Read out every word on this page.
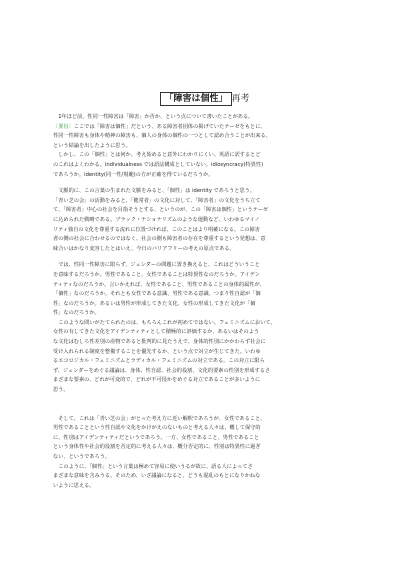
「障害は個性」 再考

　1年ほど前、性同一性障害は「障害」か否か、という点について書いたことがある。
〔要旨〕ここでは「障害は個性」だという、ある障害者団体の掲げていたテーゼをもとに、
性同一性障害も身体や精神の障害も、個人の身体の個性の一つとして認め合うことが出来る、
という結論を出したように思う。

　しかし、この「個性」とは何か。考え始めると意外にわかりにくい。英語に訳するとど
のこれはよくわかる。individualness では語法構成としていない。idiosyncracy(特異性)
であろうか。identity(同一性/規範)の方が正確を得ているだろうか。

　文脈的に、この言葉の生まれた文脈をみると、「個性」は identity であろうと思う。
「青い芝の会」の活動をみると、「健常者」の文化に対して、「障害者」の文化をうち立て
て、「障害者」中心の社会を目指そうとする、というのが、この「障害は個性」というテーゼ
に込められた戦略である。ブラック・ナショナリズムのような運動など、いわゆるマイノ
リティ独自の文化を尊重する流れに位置づければ、このことはより明確になる。この障害
者の側の社会に合わせるのではなく、社会の側も障害者の存在を尊重するという発想は、意
味合いはかなり変容したとはいえ、今日のバリアフリーの考えの原点である。

　では、性同一性障害に限らず、ジェンダーの問題に置き換えると、これはどういうこと
を意味するだろうか。男性であること、女性であることは特異性なのだろうか。アイデン
ティティなのだろうか。言いかえれば、女性であること、男性であることの身体的属性が、
「個性」なのだろうか。それとも女性である意識、男性である意識、つまり性自認が「個
性」なのだろうか。あるいは男性が形成してきた文化、女性の形成してきた文化が「個
性」なのだろうか。

　このような問いがたてられたのは、もちろんこれが初めてではない。フェミニズムにおいて、
女性の有してきた文化をアイデンティティとして積極的に評価するか、あるいはそのよう
な文化はむしろ性差別の産物であると批判的に見たうえで、身体的性別にかかわらず社会に
受け入れられる制度を整備することを優先するか、という点で対立が生じてきた。いわゆ
るエコロジカル・フェミニズムとラディカル・フェミニズムの対立である。この対立に限ら
ず、ジェンダーをめぐる議論は、身体、性自認、社会的役割、文化的要素の性別を形成するさ
まざまな要素の、どれが可変的で、どれが不可侵かをめぐる対立であることが多いように
思う。

　そして、これは「青い芝の会」がとった考え方に近い解釈であろうが、女性であること、
男性であることという性自認や文化をかけがえのないものと考える人々は、概して保守的
に、性別はアイデンティティだというであろう。一方、女性であること、男性であること
という身体性や社会的役割を否定的に考える人々は、概分否定的に、性別は特異性に過ぎ
ない、というであろう。

　このように、「個性」という言葉は極めて容易に使いうるが故に、語る人によってさ
まざまな意味を含みうる。そのため、いざ議論になると、どうも混乱のもとになりかねな
いように思える。
